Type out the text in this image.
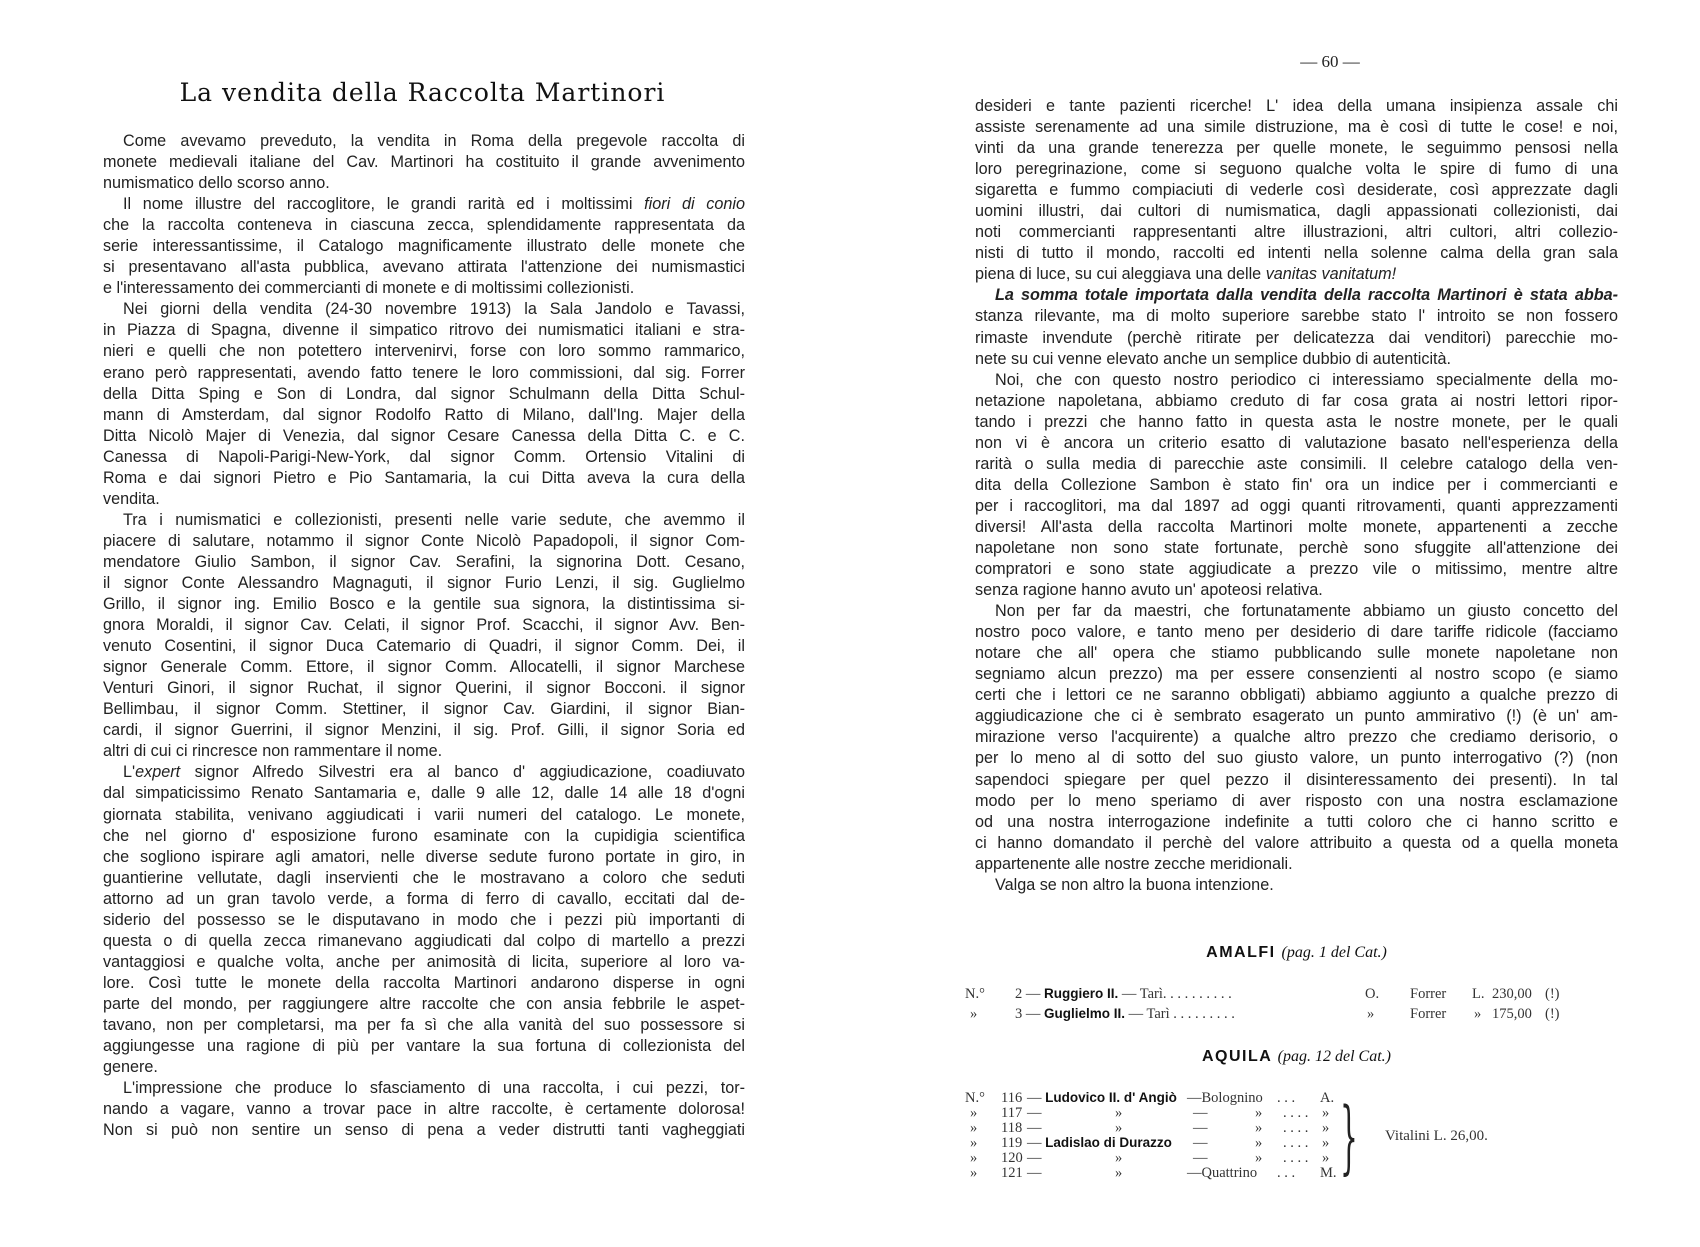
La vendita della Raccolta Martinori
Come avevamo preveduto, la vendita in Roma della pregevole raccolta di
monete medievali italiane del Cav. Martinori ha costituito il grande avvenimento
numismatico dello scorso anno.
Il nome illustre del raccoglitore, le grandi rarità ed i moltissimi fiori di conio
che la raccolta conteneva in ciascuna zecca, splendidamente rappresentata da
serie interessantissime, il Catalogo magnificamente illustrato delle monete che
si presentavano all'asta pubblica, avevano attirata l'attenzione dei numismastici
e l'interessamento dei commercianti di monete e di moltissimi collezionisti.
Nei giorni della vendita (24-30 novembre 1913) la Sala Jandolo e Tavassi,
in Piazza di Spagna, divenne il simpatico ritrovo dei numismatici italiani e stra-
nieri e quelli che non potettero intervenirvi, forse con loro sommo rammarico,
erano però rappresentati, avendo fatto tenere le loro commissioni, dal sig. Forrer
della Ditta Sping e Son di Londra, dal signor Schulmann della Ditta Schul-
mann di Amsterdam, dal signor Rodolfo Ratto di Milano, dall'Ing. Majer della
Ditta Nicolò Majer di Venezia, dal signor Cesare Canessa della Ditta C. e C.
Canessa di Napoli-Parigi-New-York, dal signor Comm. Ortensio Vitalini di
Roma e dai signori Pietro e Pio Santamaria, la cui Ditta aveva la cura della
vendita.
Tra i numismatici e collezionisti, presenti nelle varie sedute, che avemmo il
piacere di salutare, notammo il signor Conte Nicolò Papadopoli, il signor Com-
mendatore Giulio Sambon, il signor Cav. Serafini, la signorina Dott. Cesano,
il signor Conte Alessandro Magnaguti, il signor Furio Lenzi, il sig. Guglielmo
Grillo, il signor ing. Emilio Bosco e la gentile sua signora, la distintissima si-
gnora Moraldi, il signor Cav. Celati, il signor Prof. Scacchi, il signor Avv. Ben-
venuto Cosentini, il signor Duca Catemario di Quadri, il signor Comm. Dei, il
signor Generale Comm. Ettore, il signor Comm. Allocatelli, il signor Marchese
Venturi Ginori, il signor Ruchat, il signor Querini, il signor Bocconi. il signor
Bellimbau, il signor Comm. Stettiner, il signor Cav. Giardini, il signor Bian-
cardi, il signor Guerrini, il signor Menzini, il sig. Prof. Gilli, il signor Soria ed
altri di cui ci rincresce non rammentare il nome.
L'expert signor Alfredo Silvestri era al banco d' aggiudicazione, coadiuvato
dal simpaticissimo Renato Santamaria e, dalle 9 alle 12, dalle 14 alle 18 d'ogni
giornata stabilita, venivano aggiudicati i varii numeri del catalogo. Le monete,
che nel giorno d' esposizione furono esaminate con la cupidigia scientifica
che sogliono ispirare agli amatori, nelle diverse sedute furono portate in giro, in
guantierine vellutate, dagli inservienti che le mostravano a coloro che seduti
attorno ad un gran tavolo verde, a forma di ferro di cavallo, eccitati dal de-
siderio del possesso se le disputavano in modo che i pezzi più importanti di
questa o di quella zecca rimanevano aggiudicati dal colpo di martello a prezzi
vantaggiosi e qualche volta, anche per animosità di licita, superiore al loro va-
lore. Così tutte le monete della raccolta Martinori andarono disperse in ogni
parte del mondo, per raggiungere altre raccolte che con ansia febbrile le aspet-
tavano, non per completarsi, ma per fa sì che alla vanità del suo possessore si
aggiungesse una ragione di più per vantare la sua fortuna di collezionista del
genere.
L'impressione che produce lo sfasciamento di una raccolta, i cui pezzi, tor-
nando a vagare, vanno a trovar pace in altre raccolte, è certamente dolorosa!
Non si può non sentire un senso di pena a veder distrutti tanti vagheggiati
— 60 —
desideri e tante pazienti ricerche! L' idea della umana insipienza assale chi
assiste serenamente ad una simile distruzione, ma è così di tutte le cose! e noi,
vinti da una grande tenerezza per quelle monete, le seguimmo pensosi nella
loro peregrinazione, come si seguono qualche volta le spire di fumo di una
sigaretta e fummo compiaciuti di vederle così desiderate, così apprezzate dagli
uomini illustri, dai cultori di numismatica, dagli appassionati collezionisti, dai
noti commercianti rappresentanti altre illustrazioni, altri cultori, altri collezio-
nisti di tutto il mondo, raccolti ed intenti nella solenne calma della gran sala
piena di luce, su cui aleggiava una delle vanitas vanitatum!
La somma totale importata dalla vendita della raccolta Martinori è stata abba-
stanza rilevante, ma di molto superiore sarebbe stato l' introito se non fossero
rimaste invendute (perchè ritirate per delicatezza dai venditori) parecchie mo-
nete su cui venne elevato anche un semplice dubbio di autenticità.
Noi, che con questo nostro periodico ci interessiamo specialmente della mo-
netazione napoletana, abbiamo creduto di far cosa grata ai nostri lettori ripor-
tando i prezzi che hanno fatto in questa asta le nostre monete, per le quali
non vi è ancora un criterio esatto di valutazione basato nell'esperienza della
rarità o sulla media di parecchie aste consimili. Il celebre catalogo della ven-
dita della Collezione Sambon è stato fin' ora un indice per i commercianti e
per i raccoglitori, ma dal 1897 ad oggi quanti ritrovamenti, quanti apprezzamenti
diversi! All'asta della raccolta Martinori molte monete, appartenenti a zecche
napoletane non sono state fortunate, perchè sono sfuggite all'attenzione dei
compratori e sono state aggiudicate a prezzo vile o mitissimo, mentre altre
senza ragione hanno avuto un' apoteosi relativa.
Non per far da maestri, che fortunatamente abbiamo un giusto concetto del
nostro poco valore, e tanto meno per desiderio di dare tariffe ridicole (facciamo
notare che all' opera che stiamo pubblicando sulle monete napoletane non
segniamo alcun prezzo) ma per essere consenzienti al nostro scopo (e siamo
certi che i lettori ce ne saranno obbligati) abbiamo aggiunto a qualche prezzo di
aggiudicazione che ci è sembrato esagerato un punto ammirativo (!) (è un' am-
mirazione verso l'acquirente) a qualche altro prezzo che crediamo derisorio, o
per lo meno al di sotto del suo giusto valore, un punto interrogativo (?) (non
sapendoci spiegare per quel pezzo il disinteressamento dei presenti). In tal
modo per lo meno speriamo di aver risposto con una nostra esclamazione
od una nostra interrogazione indefinite a tutti coloro che ci hanno scritto e
ci hanno domandato il perchè del valore attribuito a questa od a quella moneta
appartenente alle nostre zecche meridionali.
Valga se non altro la buona intenzione.
AMALFI (pag. 1 del Cat.)
N.° 2 — Ruggiero II. — Tarì. . . . . . . . . .	O. Forrer L. 230,00 (!)
»	3 — Guglielmo II. — Tarì . . . . . . . . .	» Forrer » 175,00 (!)
AQUILA (pag. 12 del Cat.)
N.° 116 — Ludovico II. d' Angiò —Bolognino . . . A.
» 117 —	»	—	» . . . . »
» 118 —	»	—	» . . . . »
» 119 — Ladislao di Durazzo —	» . . . . »
» 120 —	»	—	» . . . . »
» 121 —	»	—Quattrino . . . M. } Vitalini L. 26,00.
